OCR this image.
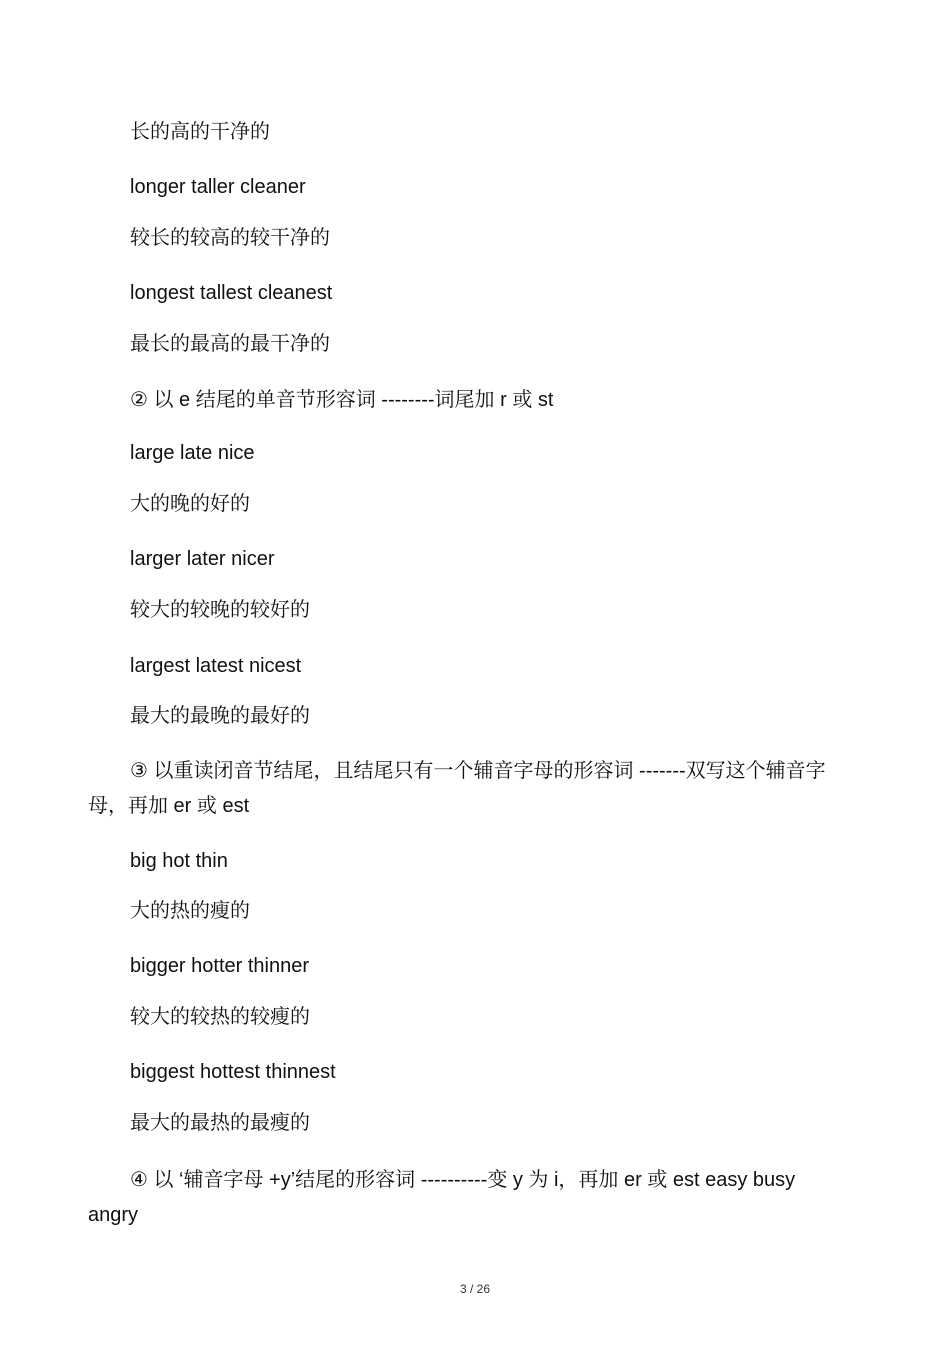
长的高的干净的
longer taller cleaner
较长的较高的较干净的
longest tallest cleanest
最长的最高的最干净的
② 以 e 结尾的单音节形容词 --------词尾加 r 或 st
large late nice
大的晚的好的
larger later nicer
较大的较晚的较好的
largest latest nicest
最大的最晚的最好的
③ 以重读闭音节结尾，且结尾只有一个辅音字母的形容词 -------双写这个辅音字母，再加 er 或 est
big hot thin
大的热的瘦的
bigger hotter thinner
较大的较热的较瘦的
biggest hottest thinnest
最大的最热的最瘦的
④ 以 ‘辅音字母 +y’结尾的形容词 ----------变 y 为 i，再加 er 或 est easy busy angry
3 / 26
